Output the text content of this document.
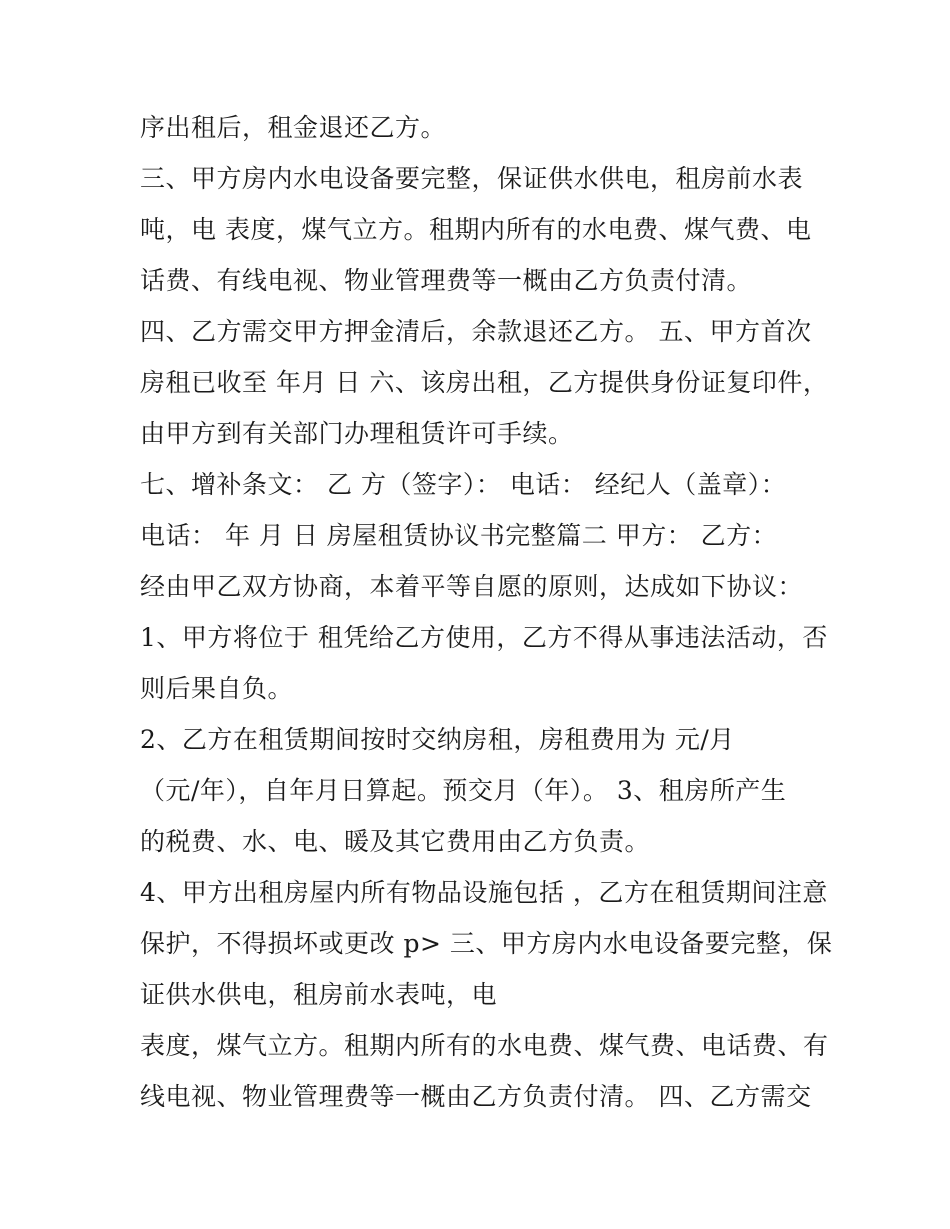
序出租后，租金退还乙方。
三、甲方房内水电设备要完整，保证供水供电，租房前水表
吨，电 表度，煤气立方。租期内所有的水电费、煤气费、电
话费、有线电视、物业管理费等一概由乙方负责付清。
四、乙方需交甲方押金清后，余款退还乙方。 五、甲方首次
房租已收至 年月 日 六、该房出租，乙方提供身份证复印件，
由甲方到有关部门办理租赁许可手续。
七、增补条文： 乙 方（签字）： 电话： 经纪人（盖章）：
电话： 年 月 日 房屋租赁协议书完整篇二 甲方： 乙方：
经由甲乙双方协商，本着平等自愿的原则，达成如下协议：
1、甲方将位于 租凭给乙方使用，乙方不得从事违法活动，否
则后果自负。
2、乙方在租赁期间按时交纳房租，房租费用为 元/月
（元/年），自年月日算起。预交月（年）。 3、租房所产生
的税费、水、电、暖及其它费用由乙方负责。
4、甲方出租房屋内所有物品设施包括 ，乙方在租赁期间注意
保护，不得损坏或更改 p> 三、甲方房内水电设备要完整，保
证供水供电，租房前水表吨，电
表度，煤气立方。租期内所有的水电费、煤气费、电话费、有
线电视、物业管理费等一概由乙方负责付清。 四、乙方需交
